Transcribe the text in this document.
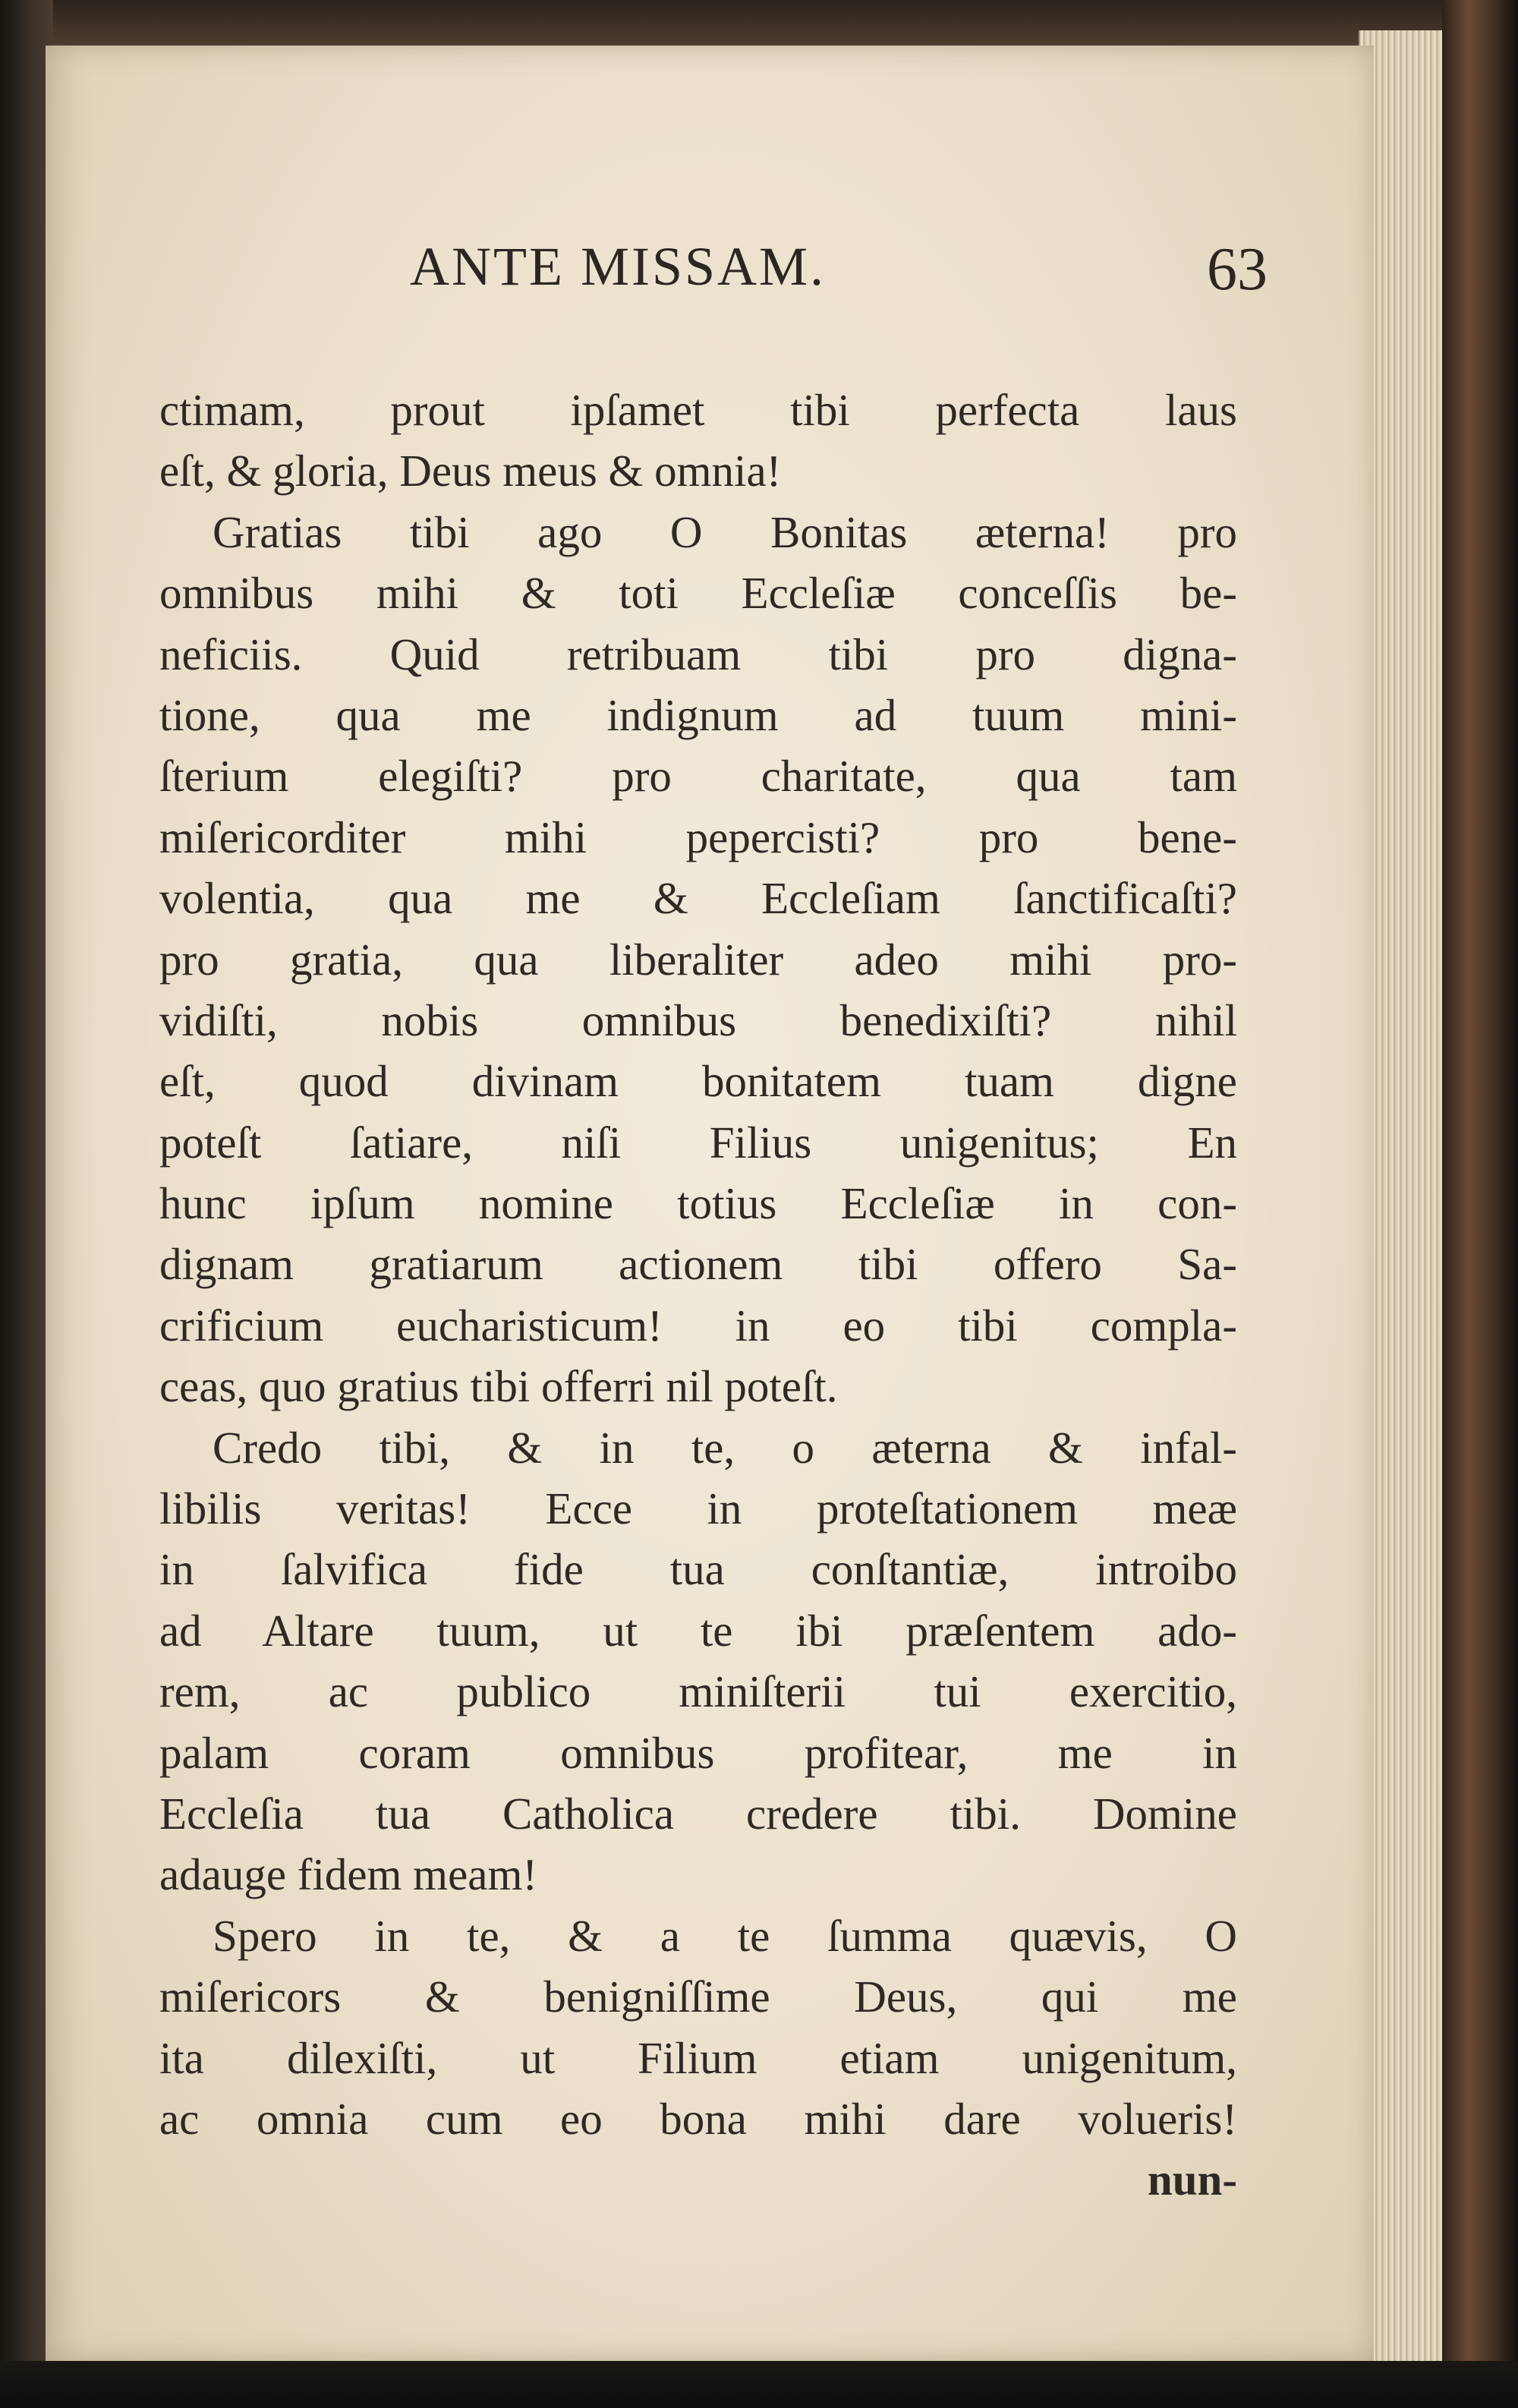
ANTE MISSAM.	63
ctimam, prout ipſamet tibi perfecta laus
eſt, & gloria, Deus meus & omnia!
Gratias tibi ago O Bonitas æterna! pro
omnibus mihi & toti Eccleſiæ conceſſis be-
neficiis. Quid retribuam tibi pro digna-
tione, qua me indignum ad tuum mini-
ſterium elegiſti? pro charitate, qua tam
miſericorditer mihi pepercisti? pro bene-
volentia, qua me & Eccleſiam ſanctificaſti?
pro gratia, qua liberaliter adeo mihi pro-
vidiſti, nobis omnibus benedixiſti? nihil
eſt, quod divinam bonitatem tuam digne
poteſt ſatiare, niſi Filius unigenitus; En
hunc ipſum nomine totius Eccleſiæ in con-
dignam gratiarum actionem tibi offero Sa-
crificium eucharisticum! in eo tibi compla-
ceas, quo gratius tibi offerri nil poteſt.
Credo tibi, & in te, o æterna & infal-
libilis veritas! Ecce in proteſtationem meæ
in ſalvifica fide tua conſtantiæ, introibo
ad Altare tuum, ut te ibi præſentem ado-
rem, ac publico miniſterii tui exercitio,
palam coram omnibus profitear, me in
Eccleſia tua Catholica credere tibi. Domine
adauge fidem meam!
Spero in te, & a te ſumma quævis, O
miſericors & benigniſſime Deus, qui me
ita dilexiſti, ut Filium etiam unigenitum,
ac omnia cum eo bona mihi dare volueris!
nun-
